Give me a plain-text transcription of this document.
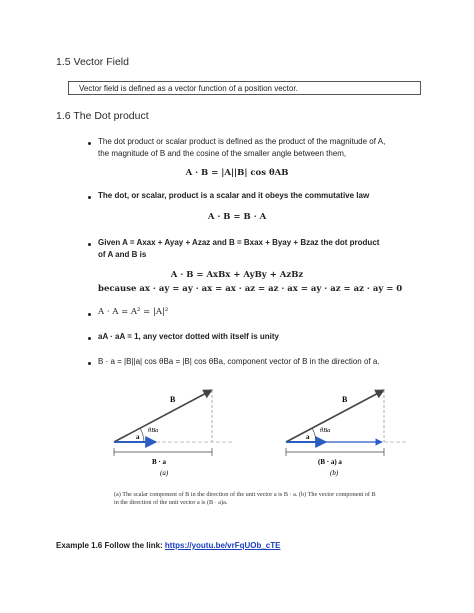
1.5 Vector Field
Vector field is defined as a vector function of a position vector.
1.6 The Dot product
The dot product or scalar product is defined as the product of the magnitude of A,
the magnitude of B and the cosine of the smaller angle between them,
A · B = |A||B| cos θAB
The dot, or scalar, product is a scalar and it obeys the commutative law
A · B = B · A
Given A = Axax + Ayay + Azaz and B = Bxax + Byay + Bzaz the dot product
of A and B is
A · B = AxBx + AyBy + AzBz
because ax · ay = ay · ax = ax · az = az · ax = ay · az = az · ay = 0
A · A = A² = |A|²
aA · aA = 1, any vector dotted with itself is unity
B · a = |B||a| cos θBa = |B| cos θBa, component vector of B in the direction of a.
B
a
θBa
B · a
(a)
B
a
θBa
(B · a) a
(b)
(a) The scalar component of B in the direction of the unit vector a is B · a. (b) The vector component of B
in the direction of the unit vector a is (B · a)a.
Example 1.6 Follow the link: https://youtu.be/vrFqUOb_cTE
